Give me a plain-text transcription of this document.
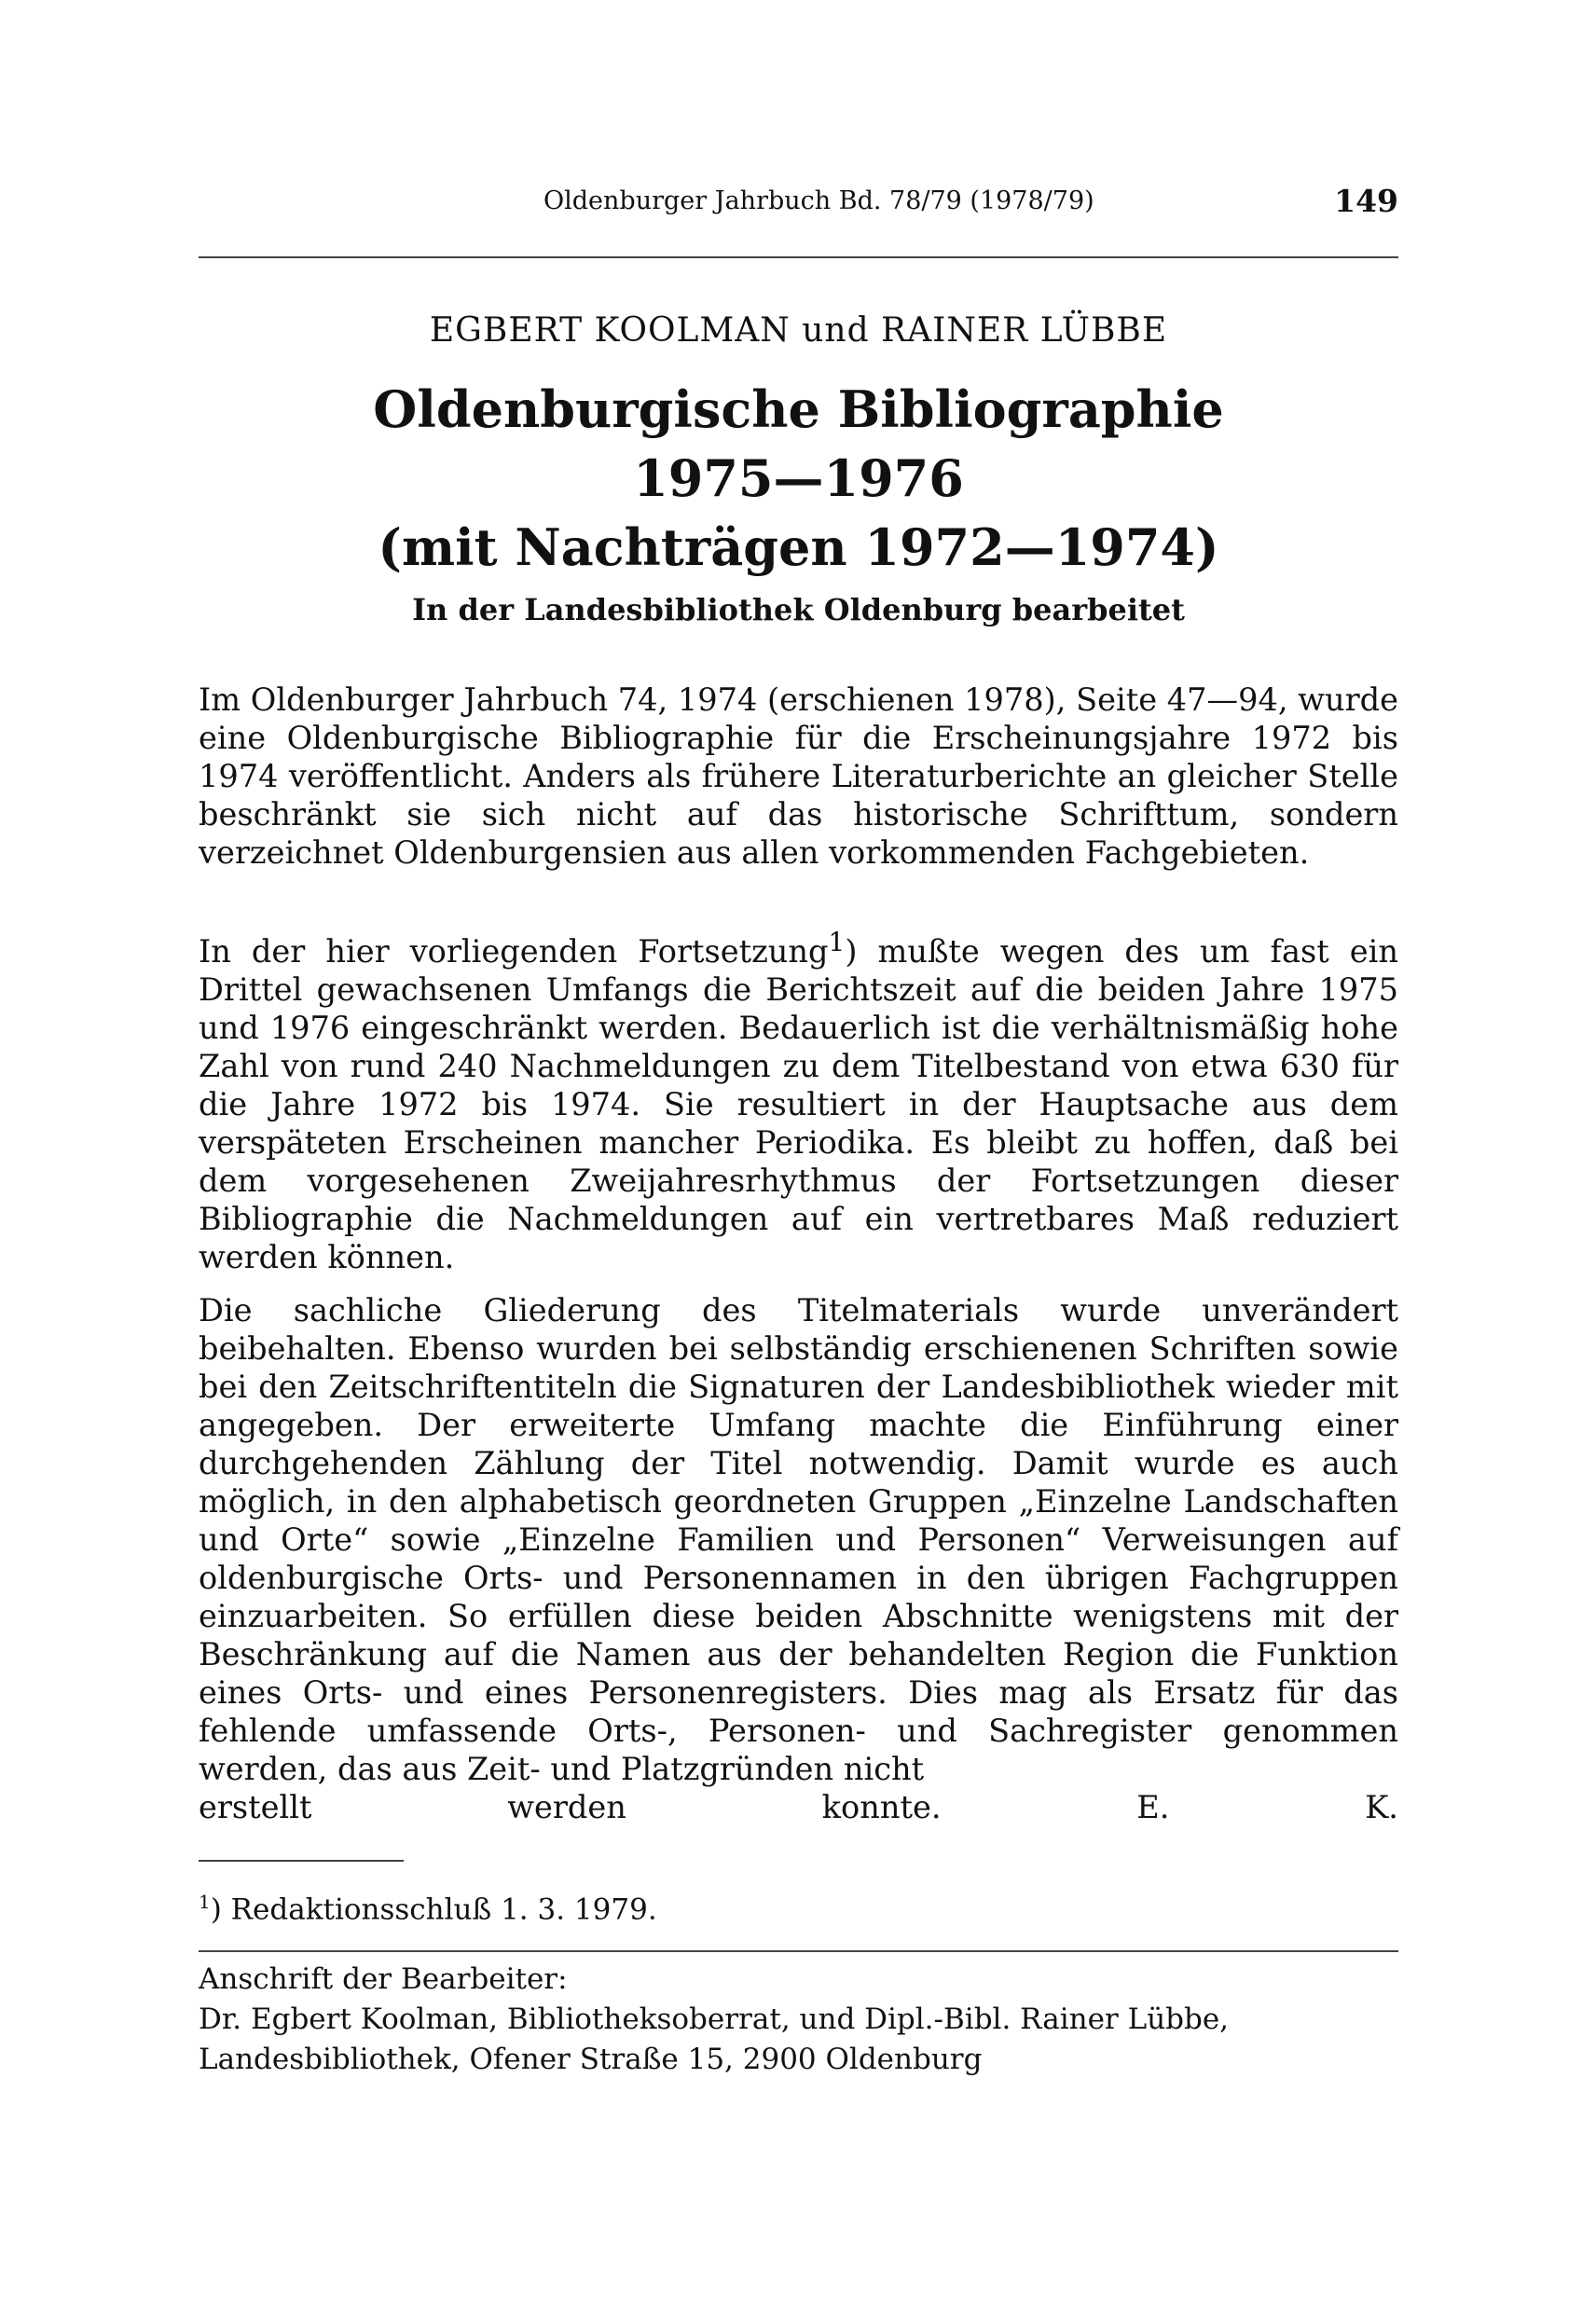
Oldenburger Jahrbuch Bd. 78/79 (1978/79)	149
EGBERT KOOLMAN und RAINER LÜBBE
Oldenburgische Bibliographie
1975—1976
(mit Nachträgen 1972—1974)
In der Landesbibliothek Oldenburg bearbeitet

Im Oldenburger Jahrbuch 74, 1974 (erschienen 1978), Seite 47—94, wurde eine Oldenburgische Bibliographie für die Erscheinungsjahre 1972 bis 1974 veröffentlicht. Anders als frühere Literaturberichte an gleicher Stelle beschränkt sie sich nicht auf das historische Schrifttum, sondern verzeichnet Oldenburgensien aus allen vorkommenden Fachgebieten.

In der hier vorliegenden Fortsetzung$^1$) mußte wegen des um fast ein Drittel gewachsenen Umfangs die Berichtszeit auf die beiden Jahre 1975 und 1976 eingeschränkt werden. Bedauerlich ist die verhältnismäßig hohe Zahl von rund 240 Nachmeldungen zu dem Titelbestand von etwa 630 für die Jahre 1972 bis 1974. Sie resultiert in der Hauptsache aus dem verspäteten Erscheinen mancher Periodika. Es bleibt zu hoffen, daß bei dem vorgesehenen Zweijahresrhythmus der Fortsetzungen dieser Bibliographie die Nachmeldungen auf ein vertretbares Maß reduziert werden können.

Die sachliche Gliederung des Titelmaterials wurde unverändert beibehalten. Ebenso wurden bei selbständig erschienenen Schriften sowie bei den Zeitschriftentiteln die Signaturen der Landesbibliothek wieder mit angegeben. Der erweiterte Umfang machte die Einführung einer durchgehenden Zählung der Titel notwendig. Damit wurde es auch möglich, in den alphabetisch geordneten Gruppen „Einzelne Landschaften und Orte“ sowie „Einzelne Familien und Personen“ Verweisungen auf oldenburgische Orts- und Personennamen in den übrigen Fachgruppen einzuarbeiten. So erfüllen diese beiden Abschnitte wenigstens mit der Beschränkung auf die Namen aus der behandelten Region die Funktion eines Orts- und eines Personenregisters. Dies mag als Ersatz für das fehlende umfassende Orts-, Personen- und Sachregister genommen werden, das aus Zeit- und Platzgründen nicht

erstellt werden konnte.	E. K.

$^1$) Redaktionsschluß 1. 3. 1979.
Anschrift der Bearbeiter:
Dr. Egbert Koolman, Bibliotheksoberrat, und Dipl.-Bibl. Rainer Lübbe,
Landesbibliothek, Ofener Straße 15, 2900 Oldenburg
